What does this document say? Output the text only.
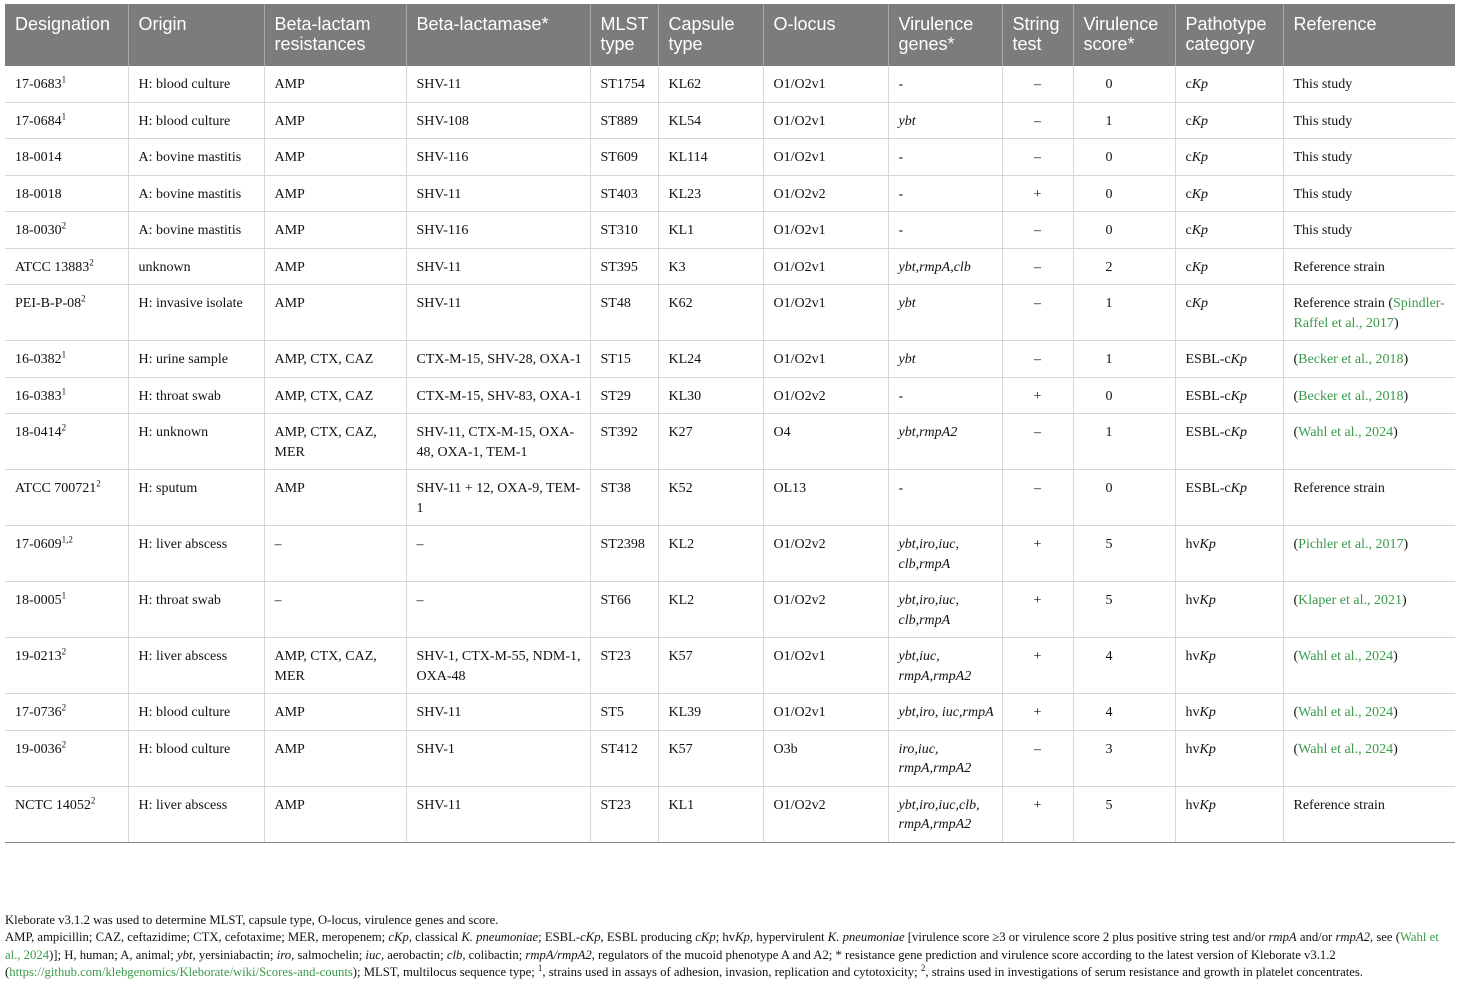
Designation	Origin	Beta-lactam resistances	Beta-lactamase*	MLST type	Capsule type	O-locus	Virulence genes*	String test	Virulence score*	Pathotype category	Reference
17-0683$^1$	H: blood culture	AMP	SHV-11	ST1754	KL62	O1/O2v1	-	–	0	cKp	This study
17-0684$^1$	H: blood culture	AMP	SHV-108	ST889	KL54	O1/O2v1	ybt	–	1	cKp	This study
18-0014	A: bovine mastitis	AMP	SHV-116	ST609	KL114	O1/O2v1	-	–	0	cKp	This study
18-0018	A: bovine mastitis	AMP	SHV-11	ST403	KL23	O1/O2v2	-	+	0	cKp	This study
18-0030$^2$	A: bovine mastitis	AMP	SHV-116	ST310	KL1	O1/O2v1	-	–	0	cKp	This study
ATCC 13883$^2$	unknown	AMP	SHV-11	ST395	K3	O1/O2v1	ybt,rmpA,clb	–	2	cKp	Reference strain
PEI-$B-P-08^2$	H: invasive isolate	AMP	SHV-11	ST48	K62	O1/O2v1	ybt	–	1	cKp	Reference strain (Spindler-Raffel et al., 2017)
16-0382$^1$	H: urine sample	AMP, CTX, CAZ	CTX-M-15, SHV-28, OXA-1	ST15	KL24	O1/O2v1	ybt	–	1	ESBL-cKp	(Becker et al., 2018)
16-0383$^1$	H: throat swab	AMP, CTX, CAZ	CTX-M-15, SHV-83, OXA-1	ST29	KL30	O1/O2v2	-	+	0	ESBL-cKp	(Becker et al., 2018)
18-0414$^2$	H: unknown	AMP, CTX, CAZ, MER	SHV-11, CTX-M-15, OXA-48, OXA-1, TEM-1	ST392	K27	O4	ybt,rmpA2	–	1	ESBL-cKp	(Wahl et al., 2024)
ATCC 700721$^2$	H: sputum	AMP	SHV-11 + 12, OXA-9, TEM-1	ST38	K52	OL13	-	–	0	ESBL-cKp	Reference strain
17-0609$^{1,2}$	H: liver abscess	–	–	ST2398	KL2	O1/O2v2	ybt,iro,iuc, clb,rmpA	+	5	hvKp	(Pichler et al., 2017)
18-0005$^1$	H: throat swab	–	–	ST66	KL2	O1/O2v2	ybt,iro,iuc, clb,rmpA	+	5	hvKp	(Klaper et al., 2021)
19-0213$^2$	H: liver abscess	AMP, CTX, CAZ, MER	SHV-1, CTX-M-55, NDM-1, OXA-48	ST23	K57	O1/O2v1	ybt,iuc, rmpA,rmpA2	+	4	hvKp	(Wahl et al., 2024)
17-0736$^2$	H: blood culture	AMP	SHV-11	ST5	KL39	O1/O2v1	ybt,iro, iuc,rmpA	+	4	hvKp	(Wahl et al., 2024)
19-0036$^2$	H: blood culture	AMP	SHV-1	ST412	K57	O3b	iro,iuc, rmpA,rmpA2	–	3	hvKp	(Wahl et al., 2024)
NCTC 14052$^2$	H: liver abscess	AMP	SHV-11	ST23	KL1	O1/O2v2	ybt,iro,iuc,clb, rmpA,rmpA2	+	5	hvKp	Reference strain

Kleborate v3.1.2 was used to determine MLST, capsule type, O-locus, virulence genes and score.

AMP, ampicillin; CAZ, ceftazidime; CTX, cefotaxime; MER, meropenem; cKp, classical K. pneumoniae; ESBL-cKp, ESBL producing cKp; hvKp, hypervirulent K. pneumoniae [virulence score ≥3 or virulence score 2 plus positive string test and/or rmpA and/or rmpA2, see (Wahl et al., 2024)]; H, human; A, animal; ybt, yersiniabactin; iro, salmochelin; iuc, aerobactin; clb, colibactin; rmpA/rmpA2, regulators of the mucoid phenotype A and A2; * resistance gene prediction and virulence score according to the latest version of Kleborate v3.1.2 (https://github.com/klebgenomics/Kleborate/wiki/Scores-and-counts); MLST, multilocus sequence type; $^1$, strains used in assays of adhesion, invasion, replication and cytotoxicity; $^2$, strains used in investigations of serum resistance and growth in platelet concentrates.
